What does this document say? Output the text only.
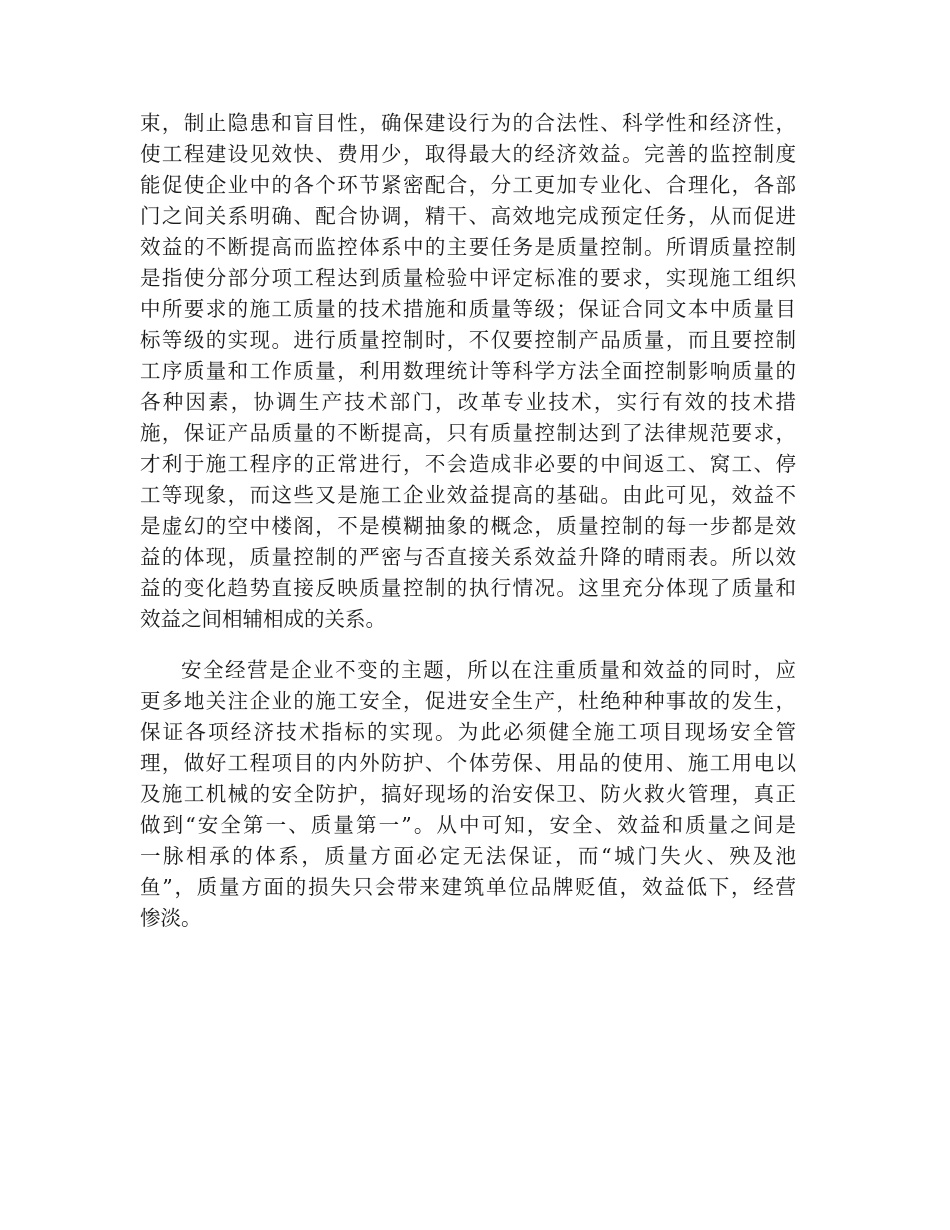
束，制止隐患和盲目性，确保建设行为的合法性、科学性和经济性，
使工程建设见效快、费用少，取得最大的经济效益。完善的监控制度
能促使企业中的各个环节紧密配合，分工更加专业化、合理化，各部
门之间关系明确、配合协调，精干、高效地完成预定任务，从而促进
效益的不断提高而监控体系中的主要任务是质量控制。所谓质量控制
是指使分部分项工程达到质量检验中评定标准的要求，实现施工组织
中所要求的施工质量的技术措施和质量等级；保证合同文本中质量目
标等级的实现。进行质量控制时，不仅要控制产品质量，而且要控制
工序质量和工作质量，利用数理统计等科学方法全面控制影响质量的
各种因素，协调生产技术部门，改革专业技术，实行有效的技术措
施，保证产品质量的不断提高，只有质量控制达到了法律规范要求，
才利于施工程序的正常进行，不会造成非必要的中间返工、窝工、停
工等现象，而这些又是施工企业效益提高的基础。由此可见，效益不
是虚幻的空中楼阁，不是模糊抽象的概念，质量控制的每一步都是效
益的体现，质量控制的严密与否直接关系效益升降的晴雨表。所以效
益的变化趋势直接反映质量控制的执行情况。这里充分体现了质量和
效益之间相辅相成的关系。

安全经营是企业不变的主题，所以在注重质量和效益的同时，应
更多地关注企业的施工安全，促进安全生产，杜绝种种事故的发生，
保证各项经济技术指标的实现。为此必须健全施工项目现场安全管
理，做好工程项目的内外防护、个体劳保、用品的使用、施工用电以
及施工机械的安全防护，搞好现场的治安保卫、防火救火管理，真正
做到“安全第一、质量第一”。从中可知，安全、效益和质量之间是
一脉相承的体系，质量方面必定无法保证，而“城门失火、殃及池
鱼”，质量方面的损失只会带来建筑单位品牌贬值，效益低下，经营
惨淡。
